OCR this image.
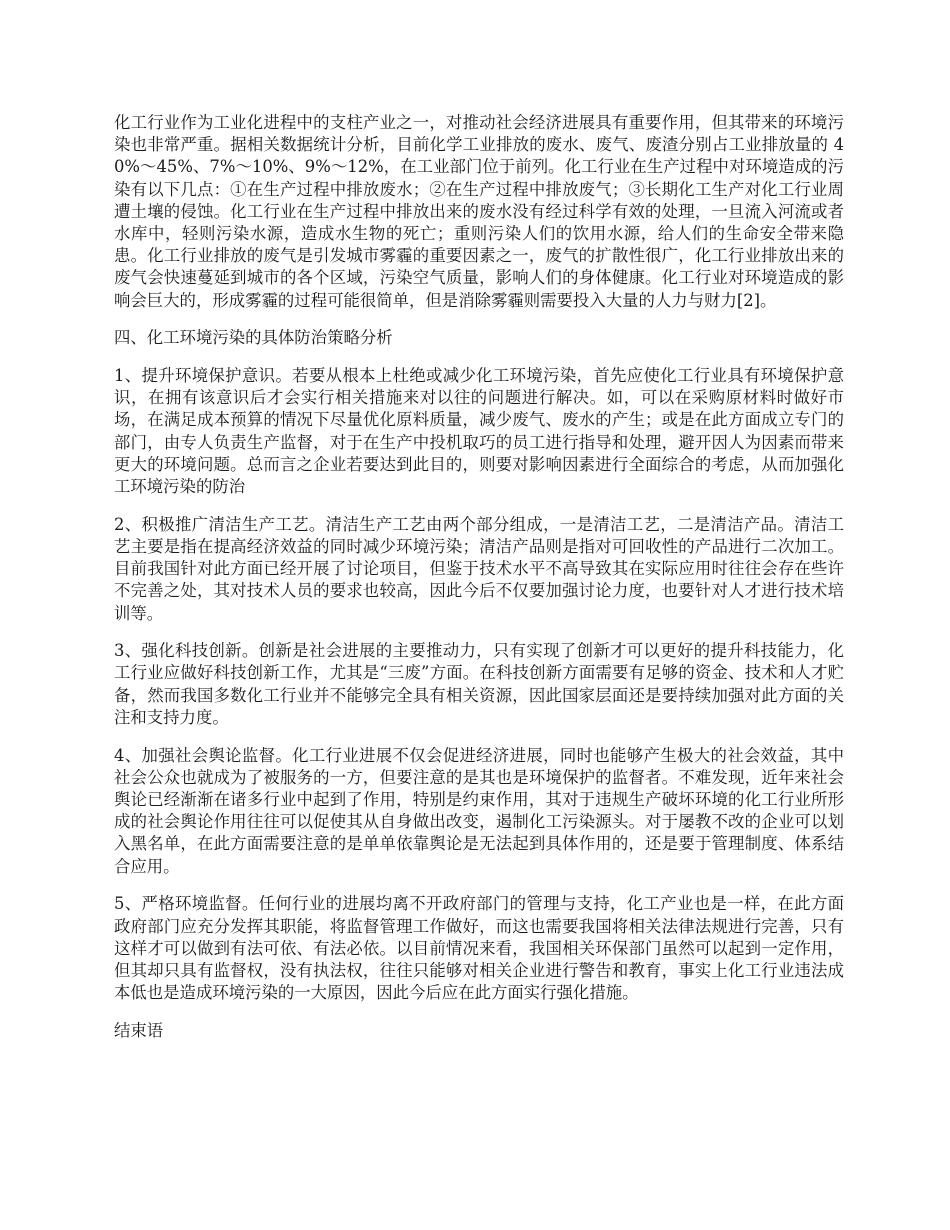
化工行业作为工业化进程中的支柱产业之一，对推动社会经济进展具有重要作用，但其带来的环境污染也非常严重。据相关数据统计分析，目前化学工业排放的废水、废气、废渣分别占工业排放量的 40%～45%、7%～10%、9%～12%，在工业部门位于前列。化工行业在生产过程中对环境造成的污染有以下几点：①在生产过程中排放废水；②在生产过程中排放废气；③长期化工生产对化工行业周遭土壤的侵蚀。化工行业在生产过程中排放出来的废水没有经过科学有效的处理，一旦流入河流或者水库中，轻则污染水源，造成水生物的死亡；重则污染人们的饮用水源，给人们的生命安全带来隐患。化工行业排放的废气是引发城市雾霾的重要因素之一，废气的扩散性很广，化工行业排放出来的废气会快速蔓延到城市的各个区域，污染空气质量，影响人们的身体健康。化工行业对环境造成的影响会巨大的，形成雾霾的过程可能很简单，但是消除雾霾则需要投入大量的人力与财力[2]。

四、化工环境污染的具体防治策略分析

1、提升环境保护意识。若要从根本上杜绝或减少化工环境污染，首先应使化工行业具有环境保护意识，在拥有该意识后才会实行相关措施来对以往的问题进行解决。如，可以在采购原材料时做好市场，在满足成本预算的情况下尽量优化原料质量，减少废气、废水的产生；或是在此方面成立专门的部门，由专人负责生产监督，对于在生产中投机取巧的员工进行指导和处理，避开因人为因素而带来更大的环境问题。总而言之企业若要达到此目的，则要对影响因素进行全面综合的考虑，从而加强化工环境污染的防治

2、积极推广清洁生产工艺。清洁生产工艺由两个部分组成，一是清洁工艺，二是清洁产品。清洁工艺主要是指在提高经济效益的同时减少环境污染；清洁产品则是指对可回收性的产品进行二次加工。目前我国针对此方面已经开展了讨论项目，但鉴于技术水平不高导致其在实际应用时往往会存在些许不完善之处，其对技术人员的要求也较高，因此今后不仅要加强讨论力度，也要针对人才进行技术培训等。

3、强化科技创新。创新是社会进展的主要推动力，只有实现了创新才可以更好的提升科技能力，化工行业应做好科技创新工作，尤其是“三废”方面。在科技创新方面需要有足够的资金、技术和人才贮备，然而我国多数化工行业并不能够完全具有相关资源，因此国家层面还是要持续加强对此方面的关注和支持力度。

4、加强社会舆论监督。化工行业进展不仅会促进经济进展，同时也能够产生极大的社会效益，其中社会公众也就成为了被服务的一方，但要注意的是其也是环境保护的监督者。不难发现，近年来社会舆论已经渐渐在诸多行业中起到了作用，特别是约束作用，其对于违规生产破坏环境的化工行业所形成的社会舆论作用往往可以促使其从自身做出改变，遏制化工污染源头。对于屡教不改的企业可以划入黑名单，在此方面需要注意的是单单依靠舆论是无法起到具体作用的，还是要于管理制度、体系结合应用。

5、严格环境监督。任何行业的进展均离不开政府部门的管理与支持，化工产业也是一样，在此方面政府部门应充分发挥其职能，将监督管理工作做好，而这也需要我国将相关法律法规进行完善，只有这样才可以做到有法可依、有法必依。以目前情况来看，我国相关环保部门虽然可以起到一定作用，但其却只具有监督权，没有执法权，往往只能够对相关企业进行警告和教育，事实上化工行业违法成本低也是造成环境污染的一大原因，因此今后应在此方面实行强化措施。

结束语
